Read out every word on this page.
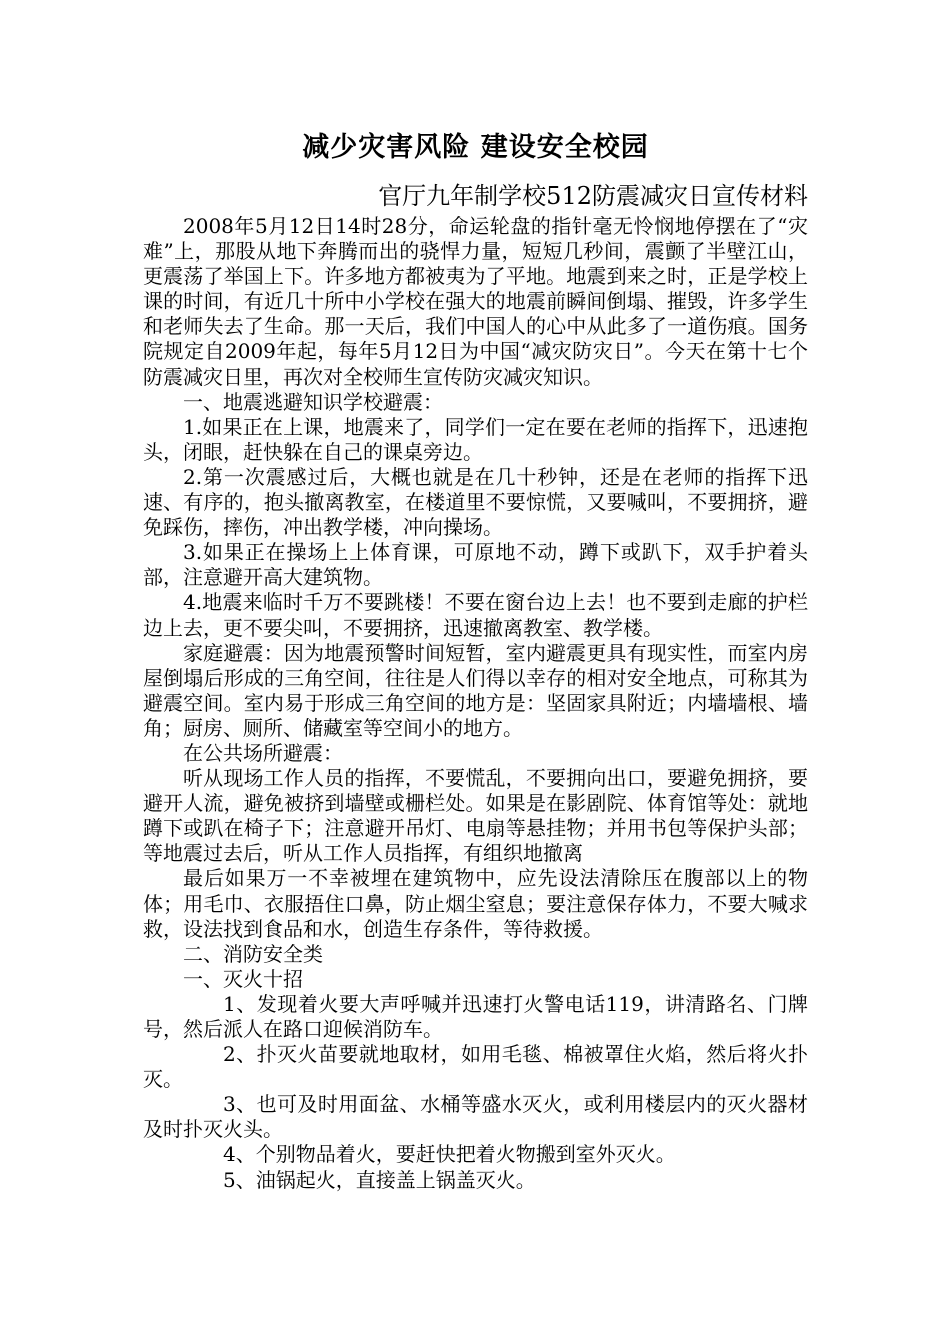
减少灾害风险 建设安全校园
官厅九年制学校512防震减灾日宣传材料

2008年5月12日14时28分，命运轮盘的指针毫无怜悯地停摆在了“灾难”上，那股从地下奔腾而出的骁悍力量，短短几秒间，震颤了半壁江山，更震荡了举国上下。许多地方都被夷为了平地。地震到来之时，正是学校上课的时间，有近几十所中小学校在强大的地震前瞬间倒塌、摧毁，许多学生和老师失去了生命。那一天后，我们中国人的心中从此多了一道伤痕。国务院规定自2009年起，每年5月12日为中国“减灾防灾日”。今天在第十七个防震减灾日里，再次对全校师生宣传防灾减灾知识。

一、地震逃避知识学校避震：

1.如果正在上课，地震来了，同学们一定在要在老师的指挥下，迅速抱头，闭眼，赶快躲在自己的课桌旁边。

2.第一次震感过后，大概也就是在几十秒钟，还是在老师的指挥下迅速、有序的，抱头撤离教室，在楼道里不要惊慌，又要喊叫，不要拥挤，避免踩伤，摔伤，冲出教学楼，冲向操场。

3.如果正在操场上上体育课，可原地不动，蹲下或趴下，双手护着头部，注意避开高大建筑物。

4.地震来临时千万不要跳楼！不要在窗台边上去！也不要到走廊的护栏边上去，更不要尖叫，不要拥挤，迅速撤离教室、教学楼。

家庭避震：因为地震预警时间短暂，室内避震更具有现实性，而室内房屋倒塌后形成的三角空间，往往是人们得以幸存的相对安全地点，可称其为避震空间。室内易于形成三角空间的地方是：坚固家具附近；内墙墙根、墙角；厨房、厕所、储藏室等空间小的地方。

在公共场所避震：

听从现场工作人员的指挥，不要慌乱，不要拥向出口，要避免拥挤，要避开人流，避免被挤到墙壁或栅栏处。如果是在影剧院、体育馆等处：就地蹲下或趴在椅子下；注意避开吊灯、电扇等悬挂物；并用书包等保护头部；等地震过去后，听从工作人员指挥，有组织地撤离

最后如果万一不幸被埋在建筑物中，应先设法清除压在腹部以上的物体；用毛巾、衣服捂住口鼻，防止烟尘窒息；要注意保存体力，不要大喊求救，设法找到食品和水，创造生存条件，等待救援。

二、消防安全类

一、灭火十招

1、发现着火要大声呼喊并迅速打火警电话119，讲清路名、门牌号，然后派人在路口迎候消防车。

2、扑灭火苗要就地取材，如用毛毯、棉被罩住火焰，然后将火扑灭。

3、也可及时用面盆、水桶等盛水灭火，或利用楼层内的灭火器材及时扑灭火头。

4、个别物品着火，要赶快把着火物搬到室外灭火。

5、油锅起火，直接盖上锅盖灭火。
